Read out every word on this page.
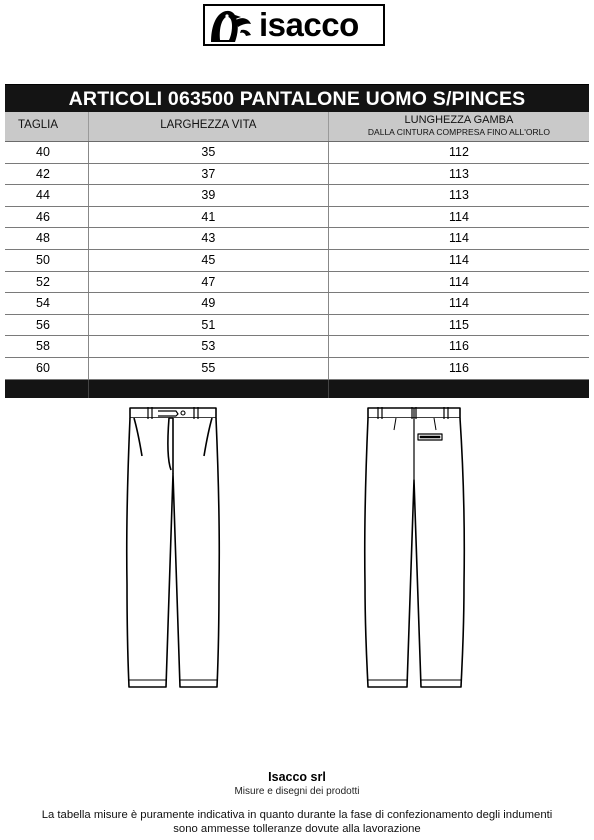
isacco
ARTICOLI 063500 PANTALONE UOMO S/PINCES
TAGLIA	LARGHEZZA VITA	LUNGHEZZA GAMBA
DALLA CINTURA COMPRESA FINO ALL'ORLO
40	35	112
42	37	113
44	39	113
46	41	114
48	43	114
50	45	114
52	47	114
54	49	114
56	51	115
58	53	116
60	55	116
Isacco srl
Misure e disegni dei prodotti
La tabella misure è puramente indicativa in quanto durante la fase di confezionamento degli indumenti
sono ammesse tolleranze dovute alla lavorazione
